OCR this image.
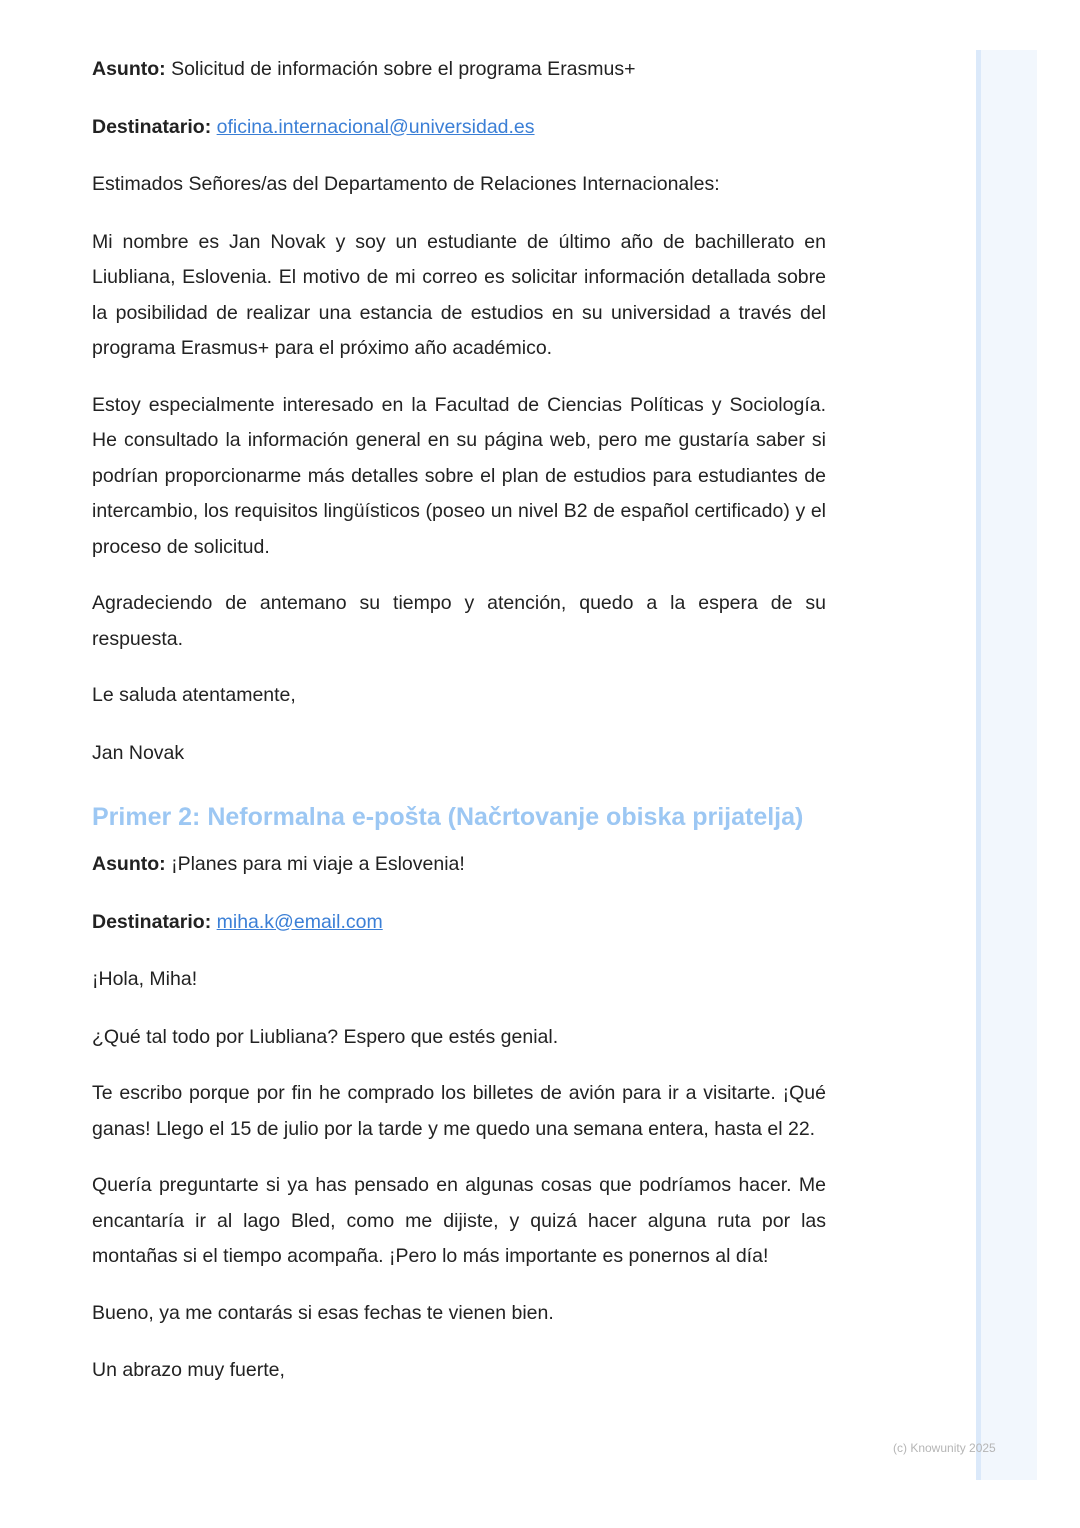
Asunto: Solicitud de información sobre el programa Erasmus+

Destinatario: oficina.internacional@universidad.es

Estimados Señores/as del Departamento de Relaciones Internacionales:

Mi nombre es Jan Novak y soy un estudiante de último año de bachillerato en Liubliana, Eslovenia. El motivo de mi correo es solicitar información detallada sobre la posibilidad de realizar una estancia de estudios en su universidad a través del programa Erasmus+ para el próximo año académico.

Estoy especialmente interesado en la Facultad de Ciencias Políticas y Sociología. He consultado la información general en su página web, pero me gustaría saber si podrían proporcionarme más detalles sobre el plan de estudios para estudiantes de intercambio, los requisitos lingüísticos (poseo un nivel B2 de español certificado) y el proceso de solicitud.

Agradeciendo de antemano su tiempo y atención, quedo a la espera de su respuesta.

Le saluda atentamente,

Jan Novak

Primer 2: Neformalna e-pošta (Načrtovanje obiska prijatelja)

Asunto: ¡Planes para mi viaje a Eslovenia!

Destinatario: miha.k@email.com

¡Hola, Miha!

¿Qué tal todo por Liubliana? Espero que estés genial.

Te escribo porque por fin he comprado los billetes de avión para ir a visitarte. ¡Qué ganas! Llego el 15 de julio por la tarde y me quedo una semana entera, hasta el 22.

Quería preguntarte si ya has pensado en algunas cosas que podríamos hacer. Me encantaría ir al lago Bled, como me dijiste, y quizá hacer alguna ruta por las montañas si el tiempo acompaña. ¡Pero lo más importante es ponernos al día!

Bueno, ya me contarás si esas fechas te vienen bien.

Un abrazo muy fuerte,

(c) Knowunity 2025
